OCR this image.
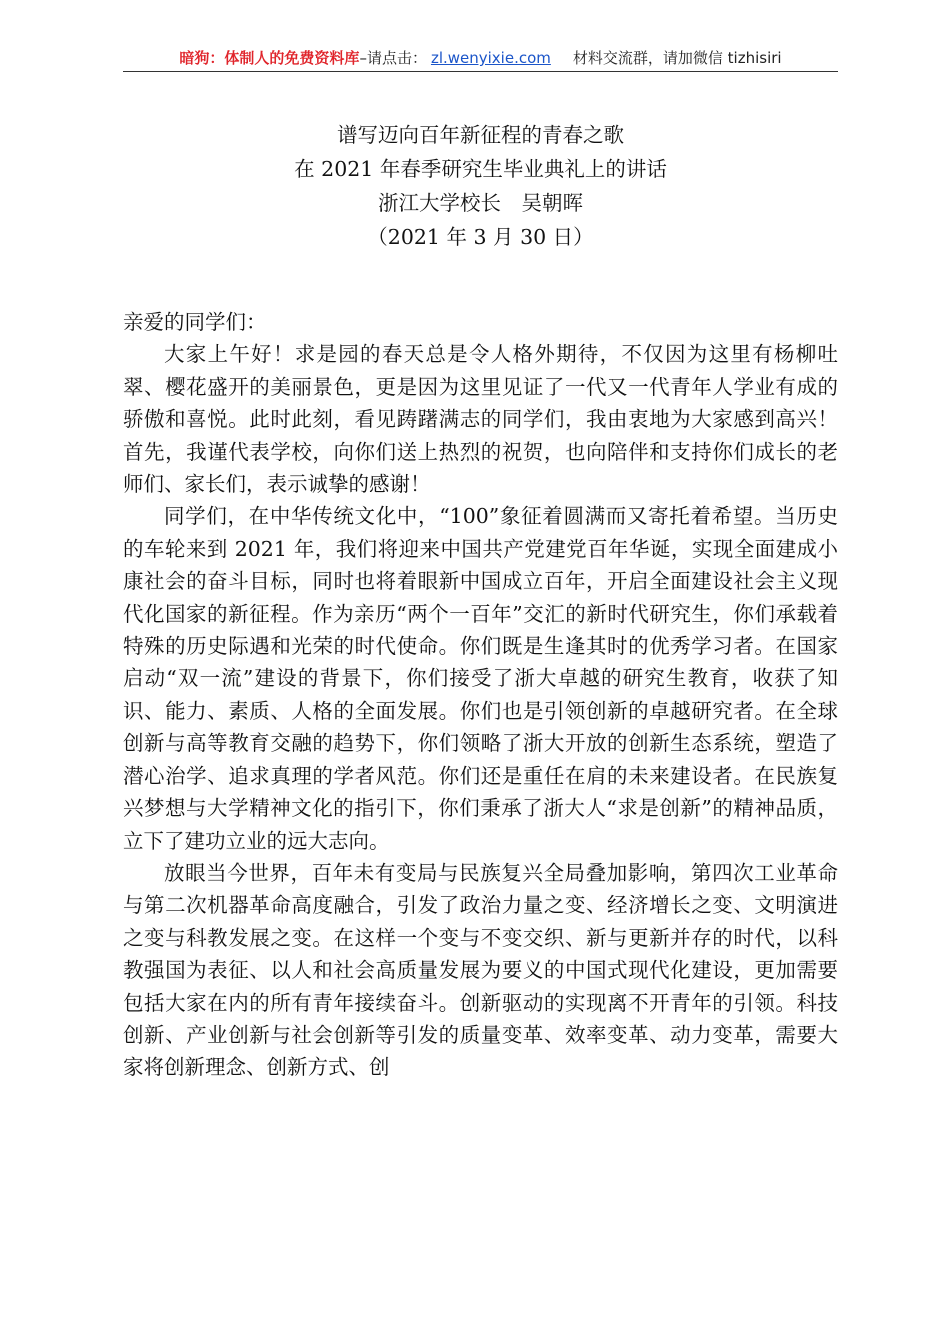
暗狗：体制人的免费资料库–请点击： zl.wenyixie.com 材料交流群，请加微信 tizhisiri
谱写迈向百年新征程的青春之歌
在 2021 年春季研究生毕业典礼上的讲话
浙江大学校长　吴朝晖
（2021 年 3 月 30 日）

亲爱的同学们：

大家上午好！求是园的春天总是令人格外期待，不仅因为这里有杨柳吐翠、樱花盛开的美丽景色，更是因为这里见证了一代又一代青年人学业有成的骄傲和喜悦。此时此刻，看见踌躇满志的同学们，我由衷地为大家感到高兴！首先，我谨代表学校，向你们送上热烈的祝贺，也向陪伴和支持你们成长的老师们、家长们，表示诚挚的感谢！

同学们，在中华传统文化中，“100”象征着圆满而又寄托着希望。当历史的车轮来到 2021 年，我们将迎来中国共产党建党百年华诞，实现全面建成小康社会的奋斗目标，同时也将着眼新中国成立百年，开启全面建设社会主义现代化国家的新征程。作为亲历“两个一百年”交汇的新时代研究生，你们承载着特殊的历史际遇和光荣的时代使命。你们既是生逢其时的优秀学习者。在国家启动“双一流”建设的背景下，你们接受了浙大卓越的研究生教育，收获了知识、能力、素质、人格的全面发展。你们也是引领创新的卓越研究者。在全球创新与高等教育交融的趋势下，你们领略了浙大开放的创新生态系统，塑造了潜心治学、追求真理的学者风范。你们还是重任在肩的未来建设者。在民族复兴梦想与大学精神文化的指引下，你们秉承了浙大人“求是创新”的精神品质，立下了建功立业的远大志向。

放眼当今世界，百年未有变局与民族复兴全局叠加影响，第四次工业革命与第二次机器革命高度融合，引发了政治力量之变、经济增长之变、文明演进之变与科教发展之变。在这样一个变与不变交织、新与更新并存的时代，以科教强国为表征、以人和社会高质量发展为要义的中国式现代化建设，更加需要包括大家在内的所有青年接续奋斗。创新驱动的实现离不开青年的引领。科技创新、产业创新与社会创新等引发的质量变革、效率变革、动力变革，需要大家将创新理念、创新方式、创
